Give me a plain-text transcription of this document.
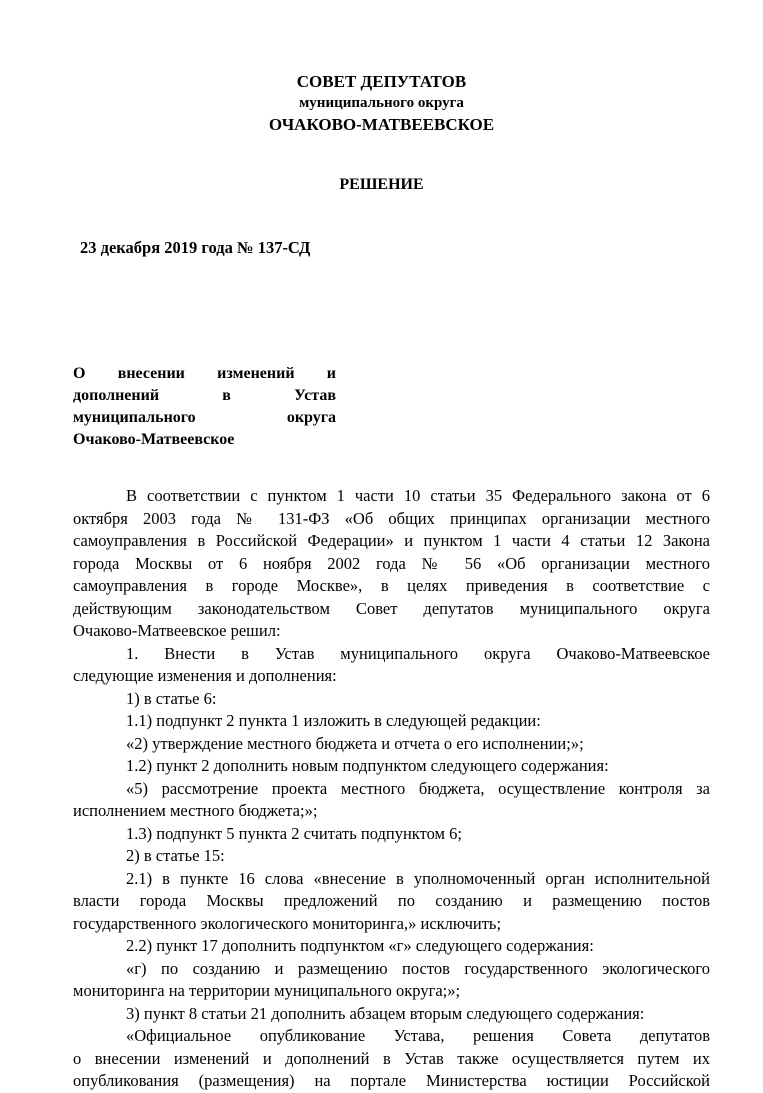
СОВЕТ ДЕПУТАТОВ
муниципального округа
ОЧАКОВО-МАТВЕЕВСКОЕ
РЕШЕНИЕ
23 декабря 2019 года № 137-СД
О внесении изменений и
дополнений	в	Устав
муниципального	округа
Очаково-Матвеевское
В соответствии с пунктом 1 части 10 статьи 35 Федерального закона от 6
октября 2003 года № 131-ФЗ «Об общих принципах организации местного
самоуправления в Российской Федерации» и пунктом 1 части 4 статьи 12 Закона
города Москвы от 6 ноября 2002 года № 56 «Об организации местного
самоуправления в городе Москве», в целях приведения в соответствие с
действующим законодательством Совет депутатов муниципального округа
Очаково-Матвеевское решил:
1. Внести в Устав муниципального округа Очаково-Матвеевское
следующие изменения и дополнения:
1) в статье 6:
1.1) подпункт 2 пункта 1 изложить в следующей редакции:
«2) утверждение местного бюджета и отчета о его исполнении;»;
1.2) пункт 2 дополнить новым подпунктом следующего содержания:
«5) рассмотрение проекта местного бюджета, осуществление контроля за
исполнением местного бюджета;»;
1.3) подпункт 5 пункта 2 считать подпунктом 6;
2) в статье 15:
2.1) в пункте 16 слова «внесение в уполномоченный орган исполнительной
власти города Москвы предложений по созданию и размещению постов
государственного экологического мониторинга,» исключить;
2.2) пункт 17 дополнить подпунктом «г» следующего содержания:
«г) по созданию и размещению постов государственного экологического
мониторинга на территории муниципального округа;»;
3) пункт 8 статьи 21 дополнить абзацем вторым следующего содержания:
«Официальное опубликование Устава, решения Совета депутатов
о внесении изменений и дополнений в Устав также осуществляется путем их
опубликования (размещения) на портале Министерства юстиции Российской
